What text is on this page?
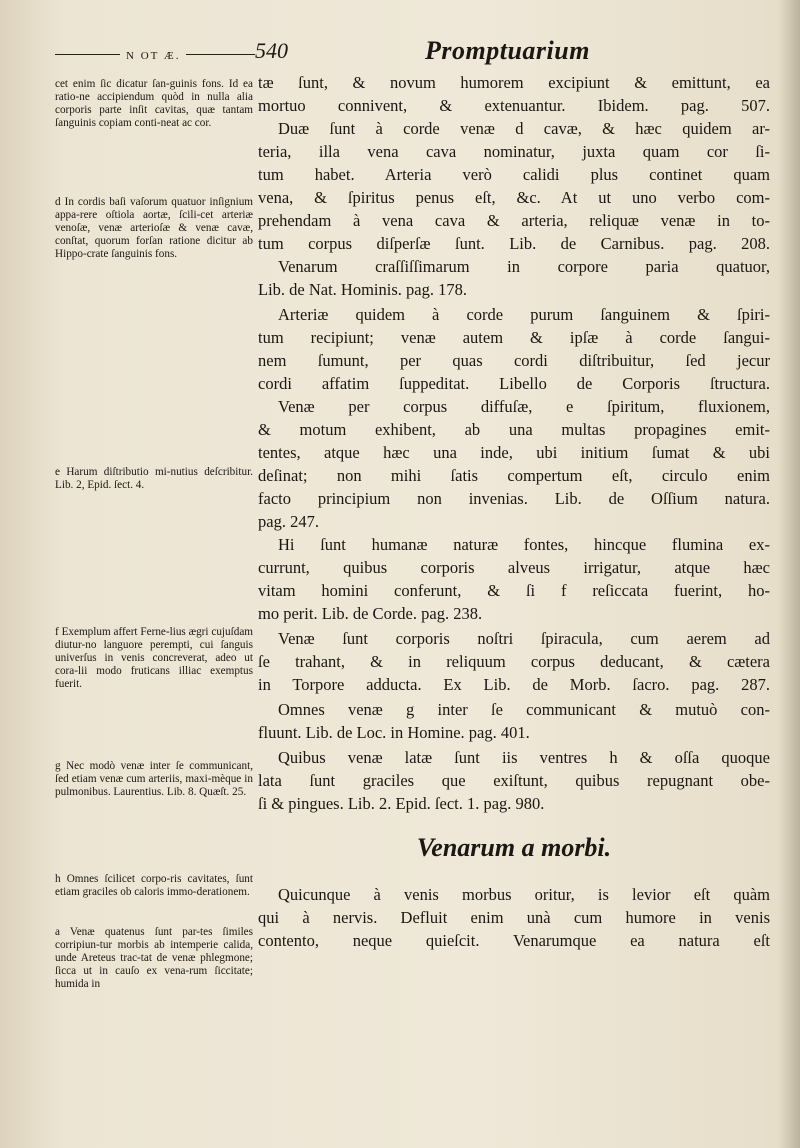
N OT Æ.	540	Promptuarium
cet enim ſic dicatur ſan-guinis fons. Id ea ratio-ne accipiendum quòd in nulla alia corporis parte inſit cavitas, quæ tantam ſanguinis copiam conti-neat ac cor.
d In cordis baſi vaſorum quatuor inſignium appa-rere oſtiola aortæ, ſcili-cet arteriæ venoſæ, venæ arterioſæ & venæ cavæ, conſtat, quorum forſan ratione dicitur ab Hippo-crate ſanguinis fons.
e Harum diſtributio mi-nutius deſcribitur. Lib. 2, Epid. ſect. 4.
f Exemplum affert Ferne-lius ægri cujuſdam diutur-no languore perempti, cui ſanguis univerſus in venis concreverat, adeo ut cora-lii modo fruticans illiac exemptus fuerit.
g Nec modò venæ inter ſe communicant, ſed etiam venæ cum arteriis, maxi-mèque in pulmonibus. Laurentius. Lib. 8. Quæſt. 25.
h Omnes ſcilicet corpo-ris cavitates, ſunt etiam graciles ob caloris immo-derationem.
a Venæ quatenus ſunt par-tes ſimiles corripiun-tur morbis ab intemperie calida, unde Areteus trac-tat de venæ phlegmone; ſicca ut in cauſo ex vena-rum ſiccitate; humida in
tæ ſunt, & novum humorem excipiunt & emittunt, ea
mortuo connivent, & extenuantur. Ibidem. pag. 507.
Duæ ſunt à corde venæ d cavæ, & hæc quidem ar-
teria, illa vena cava nominatur, juxta quam cor ſi-
tum habet. Arteria verò calidi plus continet quam
vena, & ſpiritus penus eſt, &c. At ut uno verbo com-
prehendam à vena cava & arteria, reliquæ venæ in to-
tum corpus diſperſæ ſunt. Lib. de Carnibus. pag. 208.
Venarum craſſiſſimarum in corpore paria quatuor,
Lib. de Nat. Hominis. pag. 178.
Arteriæ quidem à corde purum ſanguinem & ſpiri-
tum recipiunt; venæ autem & ipſæ à corde ſangui-
nem ſumunt, per quas cordi diſtribuitur, ſed jecur
cordi affatim ſuppeditat. Libello de Corporis ſtructura.
Venæ per corpus diffuſæ, e ſpiritum, fluxionem,
& motum exhibent, ab una multas propagines emit-
tentes, atque hæc una inde, ubi initium ſumat & ubi
deſinat; non mihi ſatis compertum eſt, circulo enim
facto principium non invenias. Lib. de Oſſium natura.
pag. 247.
Hi ſunt humanæ naturæ fontes, hincque flumina ex-
currunt, quibus corporis alveus irrigatur, atque hæc
vitam homini conferunt, & ſi f reſiccata fuerint, ho-
mo perit. Lib. de Corde. pag. 238.
Venæ ſunt corporis noſtri ſpiracula, cum aerem ad
ſe trahant, & in reliquum corpus deducant, & cætera
in Torpore adducta. Ex Lib. de Morb. ſacro. pag. 287.
Omnes venæ g inter ſe communicant & mutuò con-
fluunt. Lib. de Loc. in Homine. pag. 401.
Quibus venæ latæ ſunt iis ventres h & oſſa quoque
lata ſunt graciles que exiſtunt, quibus repugnant obe-
ſi & pingues. Lib. 2. Epid. ſect. 1. pag. 980.
Venarum a morbi.
Quicunque à venis morbus oritur, is levior eſt quàm
qui à nervis. Defluit enim unà cum humore in venis
contento, neque quieſcit. Venarumque ea natura eſt
